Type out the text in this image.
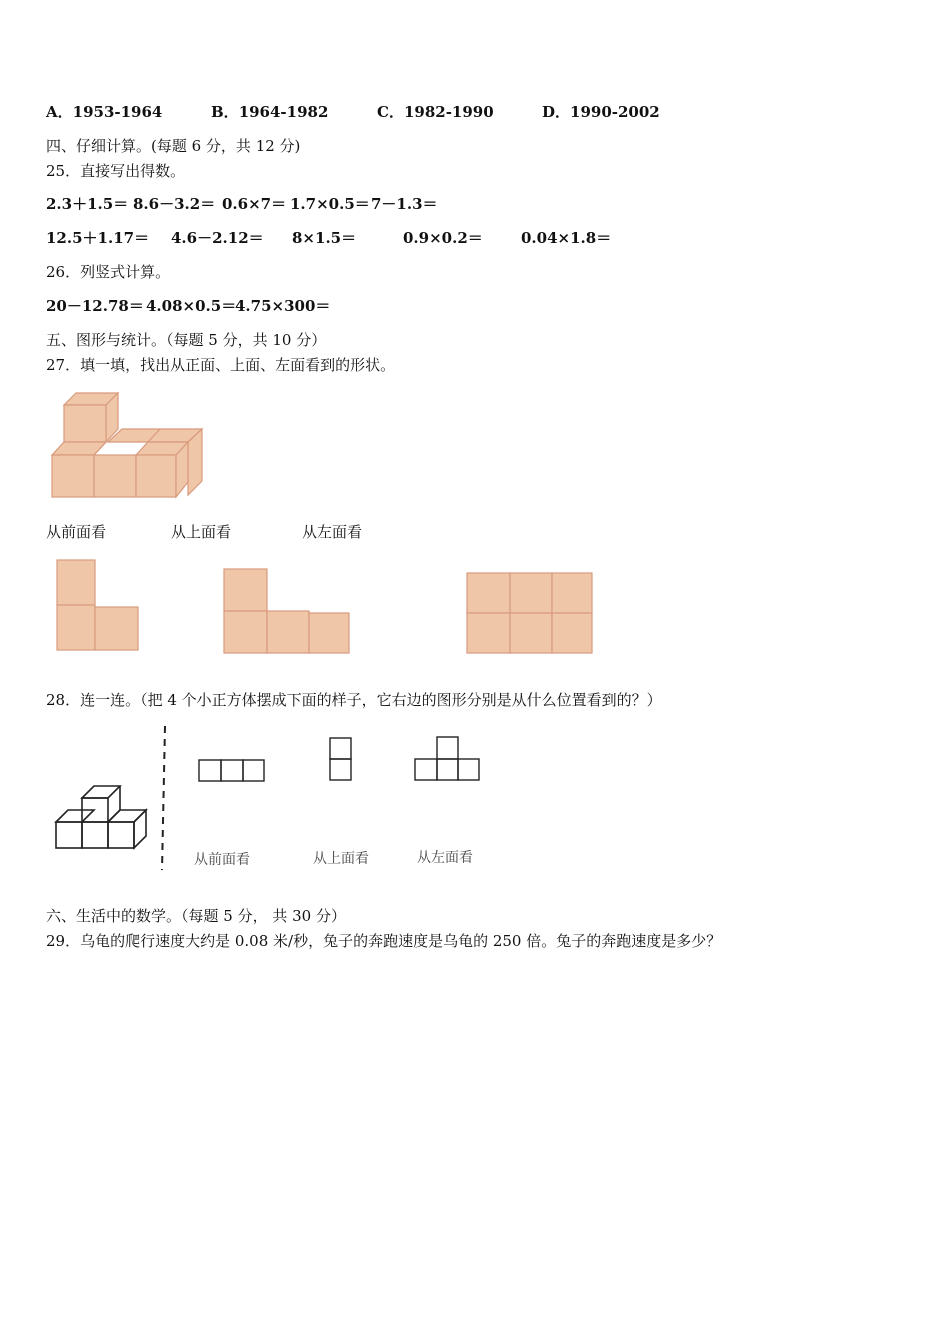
A．1953-1964	B．1964-1982	C．1982-1990	D．1990-2002
四、仔细计算。(每题 6 分，共 12 分)
25．直接写出得数。
2.3＋1.5＝ 8.6－3.2＝ 0.6×7＝ 1.7×0.5＝ 7－1.3＝
12.5＋1.17＝ 4.6－2.12＝ 8×1.5＝	0.9×0.2＝	0.04×1.8＝
26．列竖式计算。
20－12.78＝ 4.08×0.5＝
4.75×300＝
五、图形与统计。（每题 5 分，共 10 分）
27．填一填，找出从正面、上面、左面看到的形状。
从前面看	从上面看	从左面看
28．连一连。（把 4 个小正方体摆成下面的样子，它右边的图形分别是从什么位置看到的？）
从前面看	从上面看	从左面看
六、生活中的数学。（每题 5 分， 共 30 分）
29．乌龟的爬行速度大约是 0.08 米/秒，兔子的奔跑速度是乌龟的 250 倍。兔子的奔跑速度是多少？
